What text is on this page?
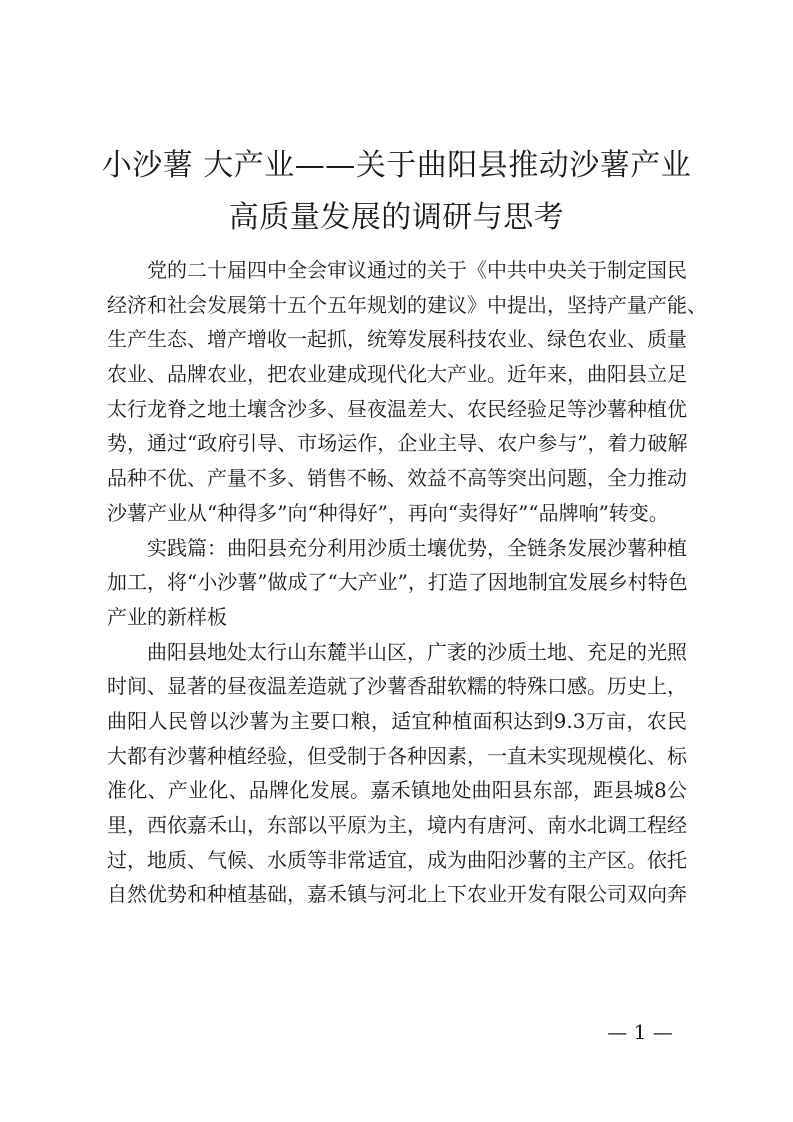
小沙薯 大产业——关于曲阳县推动沙薯产业
高质量发展的调研与思考
党的二十届四中全会审议通过的关于《中共中央关于制定国民
经济和社会发展第十五个五年规划的建议》中提出，坚持产量产能、
生产生态、增产增收一起抓，统筹发展科技农业、绿色农业、质量
农业、品牌农业，把农业建成现代化大产业。近年来，曲阳县立足
太行龙脊之地土壤含沙多、昼夜温差大、农民经验足等沙薯种植优
势，通过“政府引导、市场运作，企业主导、农户参与”，着力破解
品种不优、产量不多、销售不畅、效益不高等突出问题，全力推动
沙薯产业从“种得多”向“种得好”，再向“卖得好”“品牌响”转变。
实践篇：曲阳县充分利用沙质土壤优势，全链条发展沙薯种植
加工，将“小沙薯”做成了“大产业”，打造了因地制宜发展乡村特色
产业的新样板
曲阳县地处太行山东麓半山区，广袤的沙质土地、充足的光照
时间、显著的昼夜温差造就了沙薯香甜软糯的特殊口感。历史上，
曲阳人民曾以沙薯为主要口粮，适宜种植面积达到9.3万亩，农民
大都有沙薯种植经验，但受制于各种因素，一直未实现规模化、标
准化、产业化、品牌化发展。嘉禾镇地处曲阳县东部，距县城8公
里，西依嘉禾山，东部以平原为主，境内有唐河、南水北调工程经
过，地质、气候、水质等非常适宜，成为曲阳沙薯的主产区。依托
自然优势和种植基础，嘉禾镇与河北上下农业开发有限公司双向奔
— 1 —
